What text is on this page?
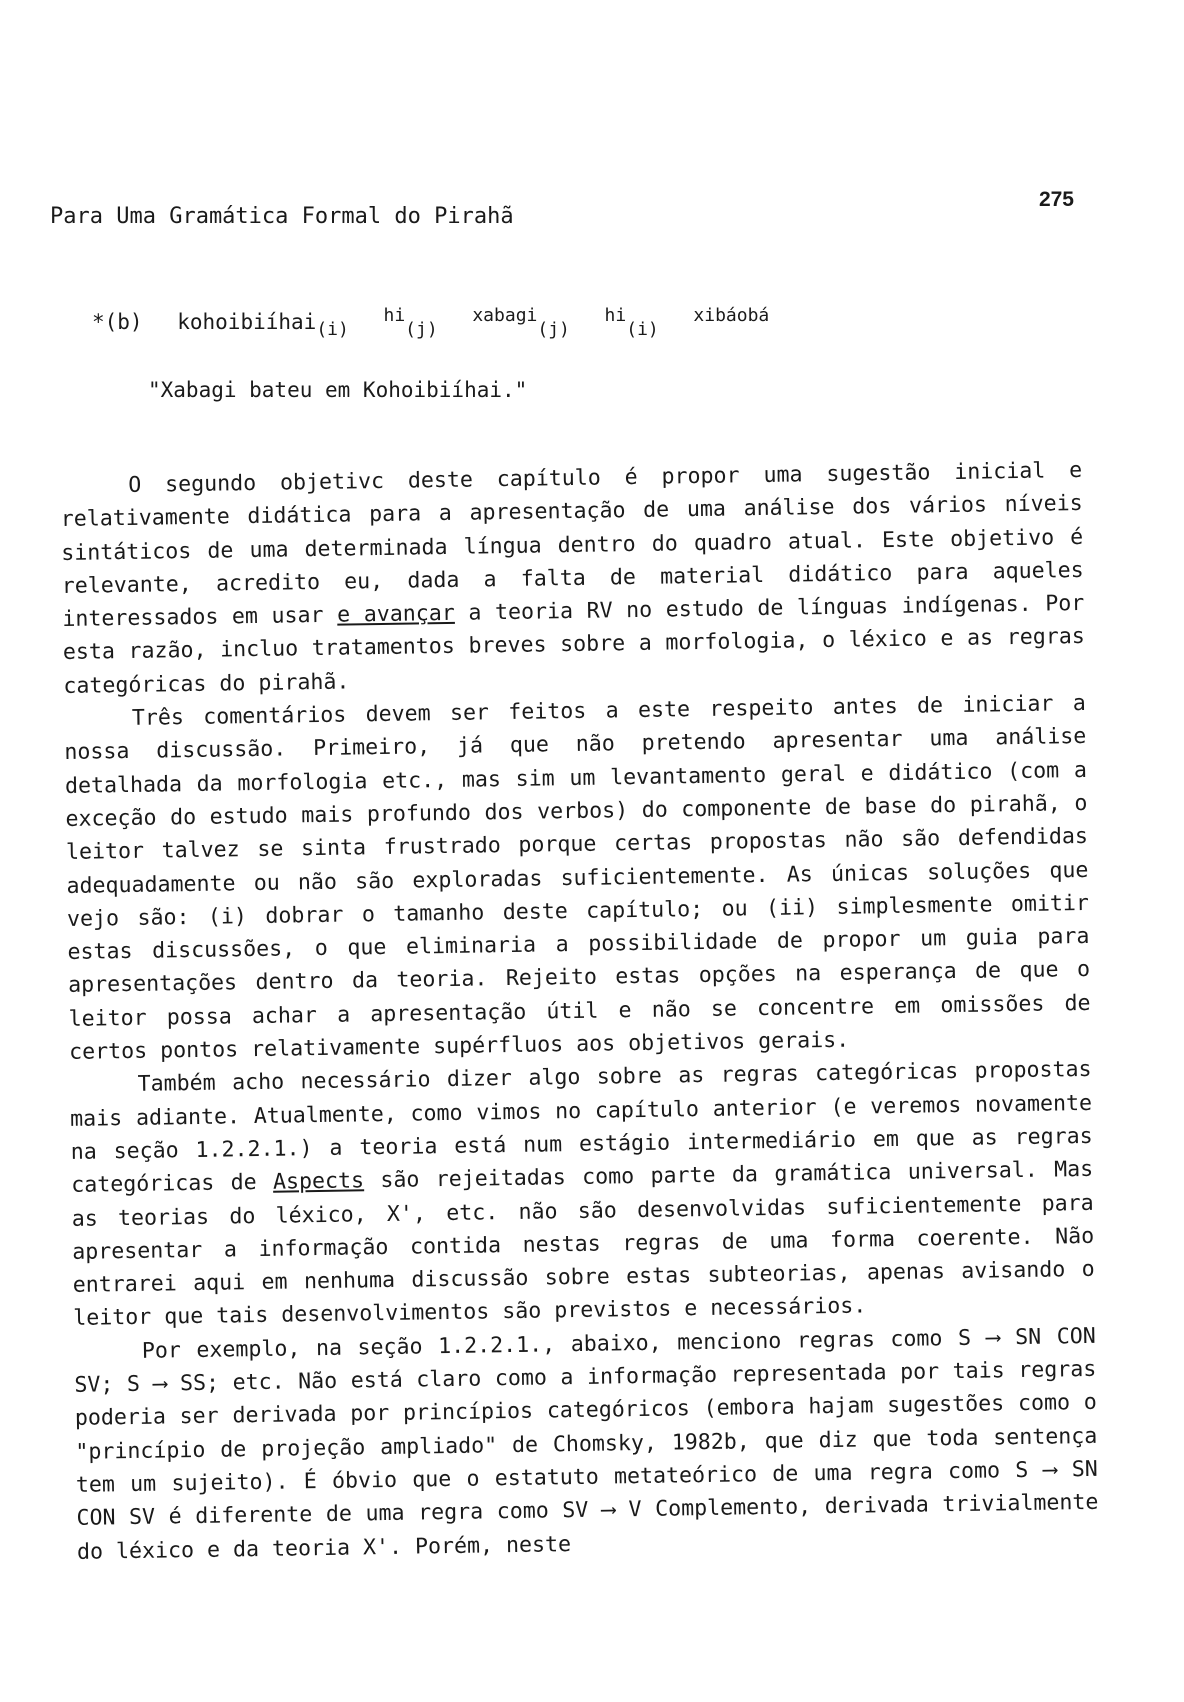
Para Uma Gramática Formal do Pirahã
275
*(b) kohoibiíhai$_{(i)}$ $^{hi}_{(j)}$ $^{xabagi}_{(j)}$ $^{hi}_{(i)}$ $^{xibáobá}$
"Xabagi bateu em Kohoibiíhai."

O segundo objetivc deste capítulo é propor uma sugestão inicial e relativamente didática para a apresentação de uma análise dos vários níveis sintáticos de uma determinada língua dentro do quadro atual. Este objetivo é relevante, acredito eu, dada a falta de material didático para aqueles interessados em usar e avançar a teoria RV no estudo de línguas indígenas. Por esta razão, incluo tratamentos breves sobre a morfologia, o léxico e as regras categóricas do pirahã.

Três comentários devem ser feitos a este respeito antes de iniciar a nossa discussão. Primeiro, já que não pretendo apresentar uma análise detalhada da morfologia etc., mas sim um levantamento geral e didático (com a exceção do estudo mais profundo dos verbos) do componente de base do pirahã, o leitor talvez se sinta frustrado porque certas propostas não são defendidas adequadamente ou não são exploradas suficientemente. As únicas soluções que vejo são: (i) dobrar o tamanho deste capítulo; ou (ii) simplesmente omitir estas discussões, o que eliminaria a possibilidade de propor um guia para apresentações dentro da teoria. Rejeito estas opções na esperança de que o leitor possa achar a apresentação útil e não se concentre em omissões de certos pontos relativamente supérfluos aos objetivos gerais.

Também acho necessário dizer algo sobre as regras categóricas propostas mais adiante. Atualmente, como vimos no capítulo anterior (e veremos novamente na seção 1.2.2.1.) a teoria está num estágio intermediário em que as regras categóricas de Aspects são rejeitadas como parte da gramática universal. Mas as teorias do léxico, X', etc. não são desenvolvidas suficientemente para apresentar a informação contida nestas regras de uma forma coerente. Não entrarei aqui em nenhuma discussão sobre estas subteorias, apenas avisando o leitor que tais desenvolvimentos são previstos e necessários.

Por exemplo, na seção 1.2.2.1., abaixo, menciono regras como S ⟶ SN CON SV; S ⟶ SS; etc. Não está claro como a informação representada por tais regras poderia ser derivada por princípios categóricos (embora hajam sugestões como o "princípio de projeção ampliado" de Chomsky, 1982b, que diz que toda sentença tem um sujeito). É óbvio que o estatuto metateórico de uma regra como S ⟶ SN CON SV é diferente de uma regra como SV ⟶ V Complemento, derivada trivialmente do léxico e da teoria X'. Porém, neste
